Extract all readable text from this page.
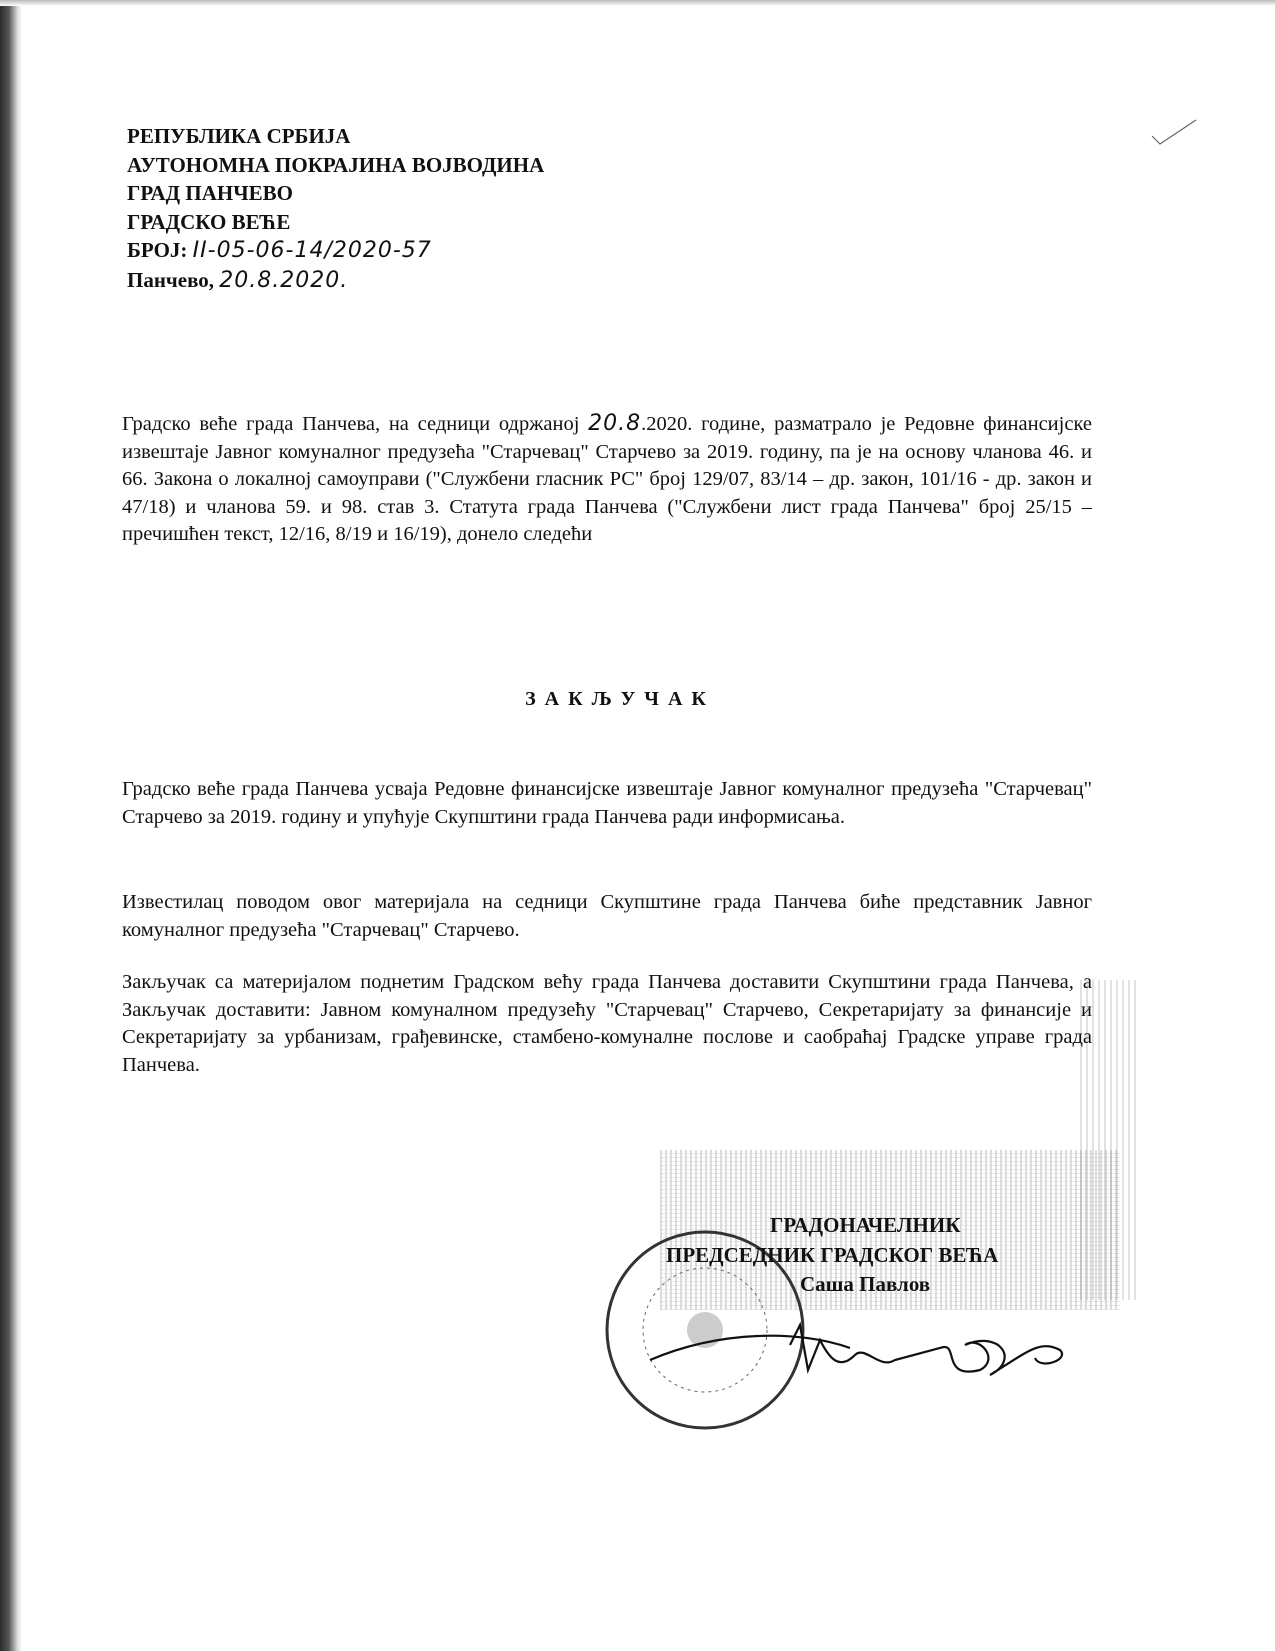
РЕПУБЛИКА СРБИЈА
АУТОНОМНА ПОКРАЈИНА ВОЈВОДИНА
ГРАД ПАНЧЕВО
ГРАДСКО ВЕЋЕ
БРОЈ: II-05-06-14/2020-57
Панчево, 20.8.2020.
Градско веће града Панчева, на седници одржаној 20.8.2020. године, разматрало је Редовне финансијске извештаје Јавног комуналног предузећа "Старчевац" Старчево за 2019. годину, па је на основу чланова 46. и 66. Закона о локалној самоуправи ("Службени гласник РС" број 129/07, 83/14 – др. закон, 101/16 - др. закон и 47/18) и чланова 59. и 98. став 3. Статута града Панчева ("Службени лист града Панчева" број 25/15 – пречишћен текст, 12/16, 8/19 и 16/19), донело следећи
ЗАКЉУЧАК
Градско веће града Панчева усваја Редовне финансијске извештаје Јавног комуналног предузећа "Старчевац" Старчево за 2019. годину и упућује Скупштини града Панчева ради информисања.
Известилац поводом овог материјала на седници Скупштине града Панчева биће представник Јавног комуналног предузећа "Старчевац" Старчево.
Закључак са материјалом поднетим Градском већу града Панчева доставити Скупштини града Панчева, а Закључак доставити: Јавном комуналном предузећу "Старчевац" Старчево, Секретаријату за финансије и Секретаријату за урбанизам, грађевинске, стамбено-комуналне послове и саобраћај Градске управе града Панчева.
ГРАДОНАЧЕЛНИК
ПРЕДСЕДНИК ГРАДСКОГ ВЕЋА
Саша Павлов
